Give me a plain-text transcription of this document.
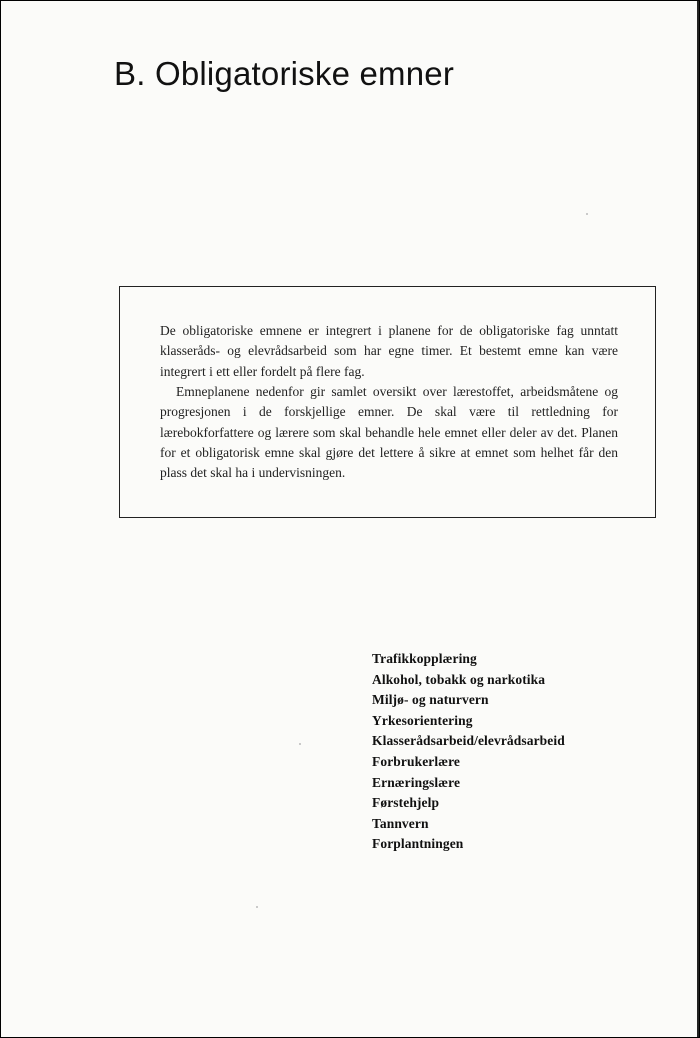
B. Obligatoriske emner

De obligatoriske emnene er integrert i planene for de obligatoriske fag unntatt klasseråds- og elevrådsarbeid som har egne timer. Et bestemt emne kan være integrert i ett eller fordelt på flere fag.

Emneplanene nedenfor gir samlet oversikt over lærestoffet, arbeidsmåtene og progresjonen i de forskjellige emner. De skal være til rettledning for lærebokforfattere og lærere som skal behandle hele emnet eller deler av det. Planen for et obligatorisk emne skal gjøre det lettere å sikre at emnet som helhet får den plass det skal ha i undervisningen.

Trafikkopplæring
Alkohol, tobakk og narkotika
Miljø- og naturvern
Yrkesorientering
Klasserådsarbeid/elevrådsarbeid
Forbrukerlære
Ernæringslære
Førstehjelp
Tannvern
Forplantningen
